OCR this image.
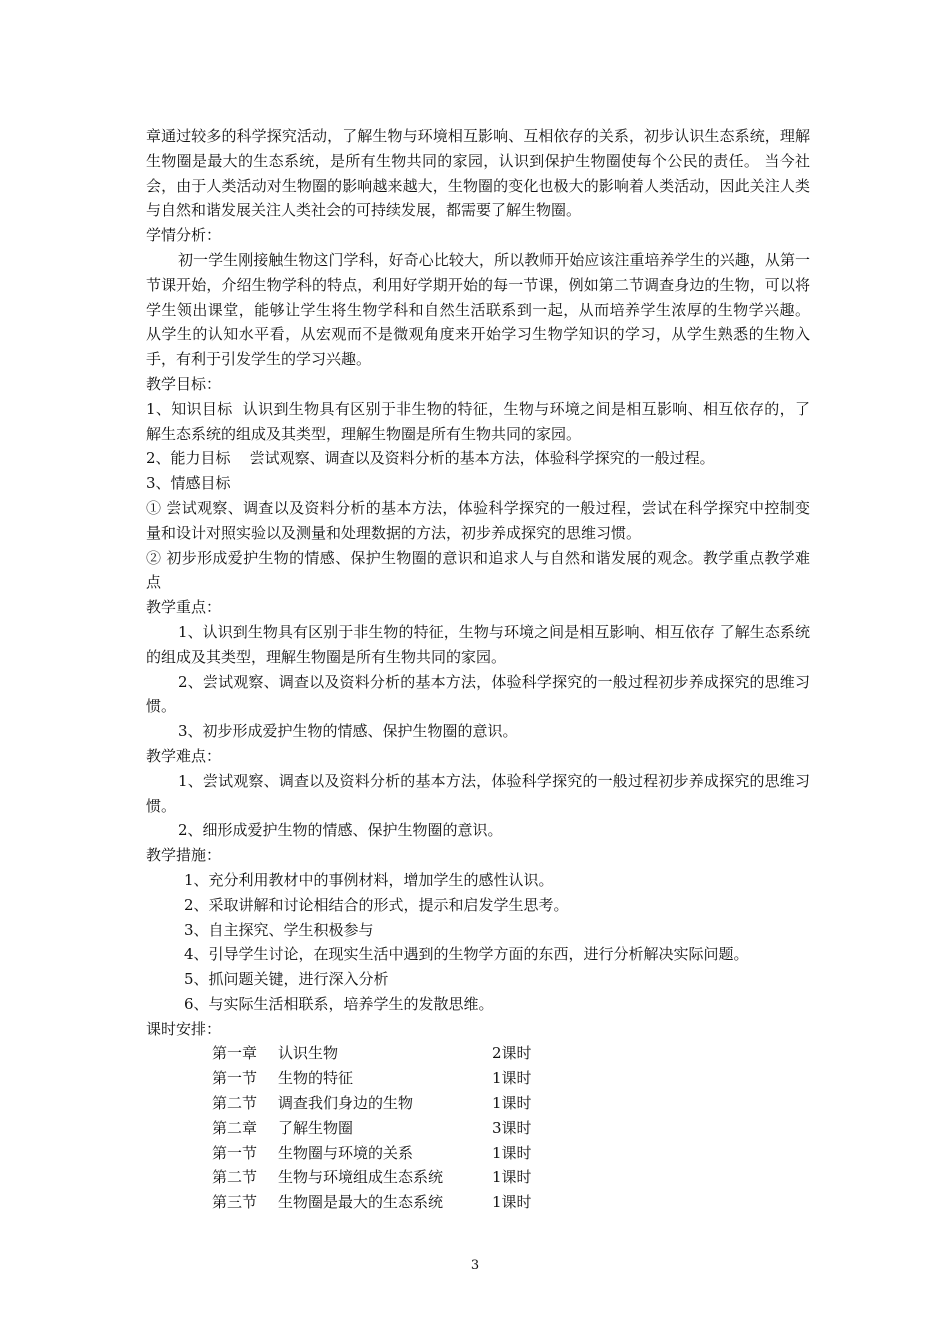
章通过较多的科学探究活动，了解生物与环境相互影响、互相依存的关系，初步认识生态系统，理解生物圈是最大的生态系统，是所有生物共同的家园，认识到保护生物圈使每个公民的责任。 当今社会，由于人类活动对生物圈的影响越来越大，生物圈的变化也极大的影响着人类活动，因此关注人类与自然和谐发展关注人类社会的可持续发展，都需要了解生物圈。

学情分析：

初一学生刚接触生物这门学科，好奇心比较大，所以教师开始应该注重培养学生的兴趣，从第一节课开始，介绍生物学科的特点，利用好学期开始的每一节课，例如第二节调查身边的生物，可以将学生领出课堂，能够让学生将生物学科和自然生活联系到一起，从而培养学生浓厚的生物学兴趣。 从学生的认知水平看，从宏观而不是微观角度来开始学习生物学知识的学习，从学生熟悉的生物入手，有利于引发学生的学习兴趣。

教学目标：

1、知识目标  认识到生物具有区别于非生物的特征，生物与环境之间是相互影响、相互依存的，了解生态系统的组成及其类型，理解生物圈是所有生物共同的家园。

2、能力目标    尝试观察、调查以及资料分析的基本方法，体验科学探究的一般过程。

3、情感目标

① 尝试观察、调查以及资料分析的基本方法，体验科学探究的一般过程，尝试在科学探究中控制变量和设计对照实验以及测量和处理数据的方法，初步养成探究的思维习惯。

② 初步形成爱护生物的情感、保护生物圈的意识和追求人与自然和谐发展的观念。教学重点教学难点

教学重点：

1、认识到生物具有区别于非生物的特征，生物与环境之间是相互影响、相互依存 了解生态系统的组成及其类型，理解生物圈是所有生物共同的家园。

2、尝试观察、调查以及资料分析的基本方法，体验科学探究的一般过程初步养成探究的思维习惯。

3、初步形成爱护生物的情感、保护生物圈的意识。

教学难点：

1、尝试观察、调查以及资料分析的基本方法，体验科学探究的一般过程初步养成探究的思维习惯。

2、细形成爱护生物的情感、保护生物圈的意识。

教学措施：

1、充分利用教材中的事例材料，增加学生的感性认识。

2、采取讲解和讨论相结合的形式，提示和启发学生思考。

3、自主探究、学生积极参与

4、引导学生讨论，在现实生活中遇到的生物学方面的东西，进行分析解决实际问题。

5、抓问题关键，进行深入分析

6、与实际生活相联系，培养学生的发散思维。

课时安排：

第一章	认识生物	2课时
第一节	生物的特征	1课时
第二节	调查我们身边的生物	1课时
第二章	了解生物圈	3课时
第一节	生物圈与环境的关系	1课时
第二节	生物与环境组成生态系统	1课时
第三节	生物圈是最大的生态系统	1课时
3
